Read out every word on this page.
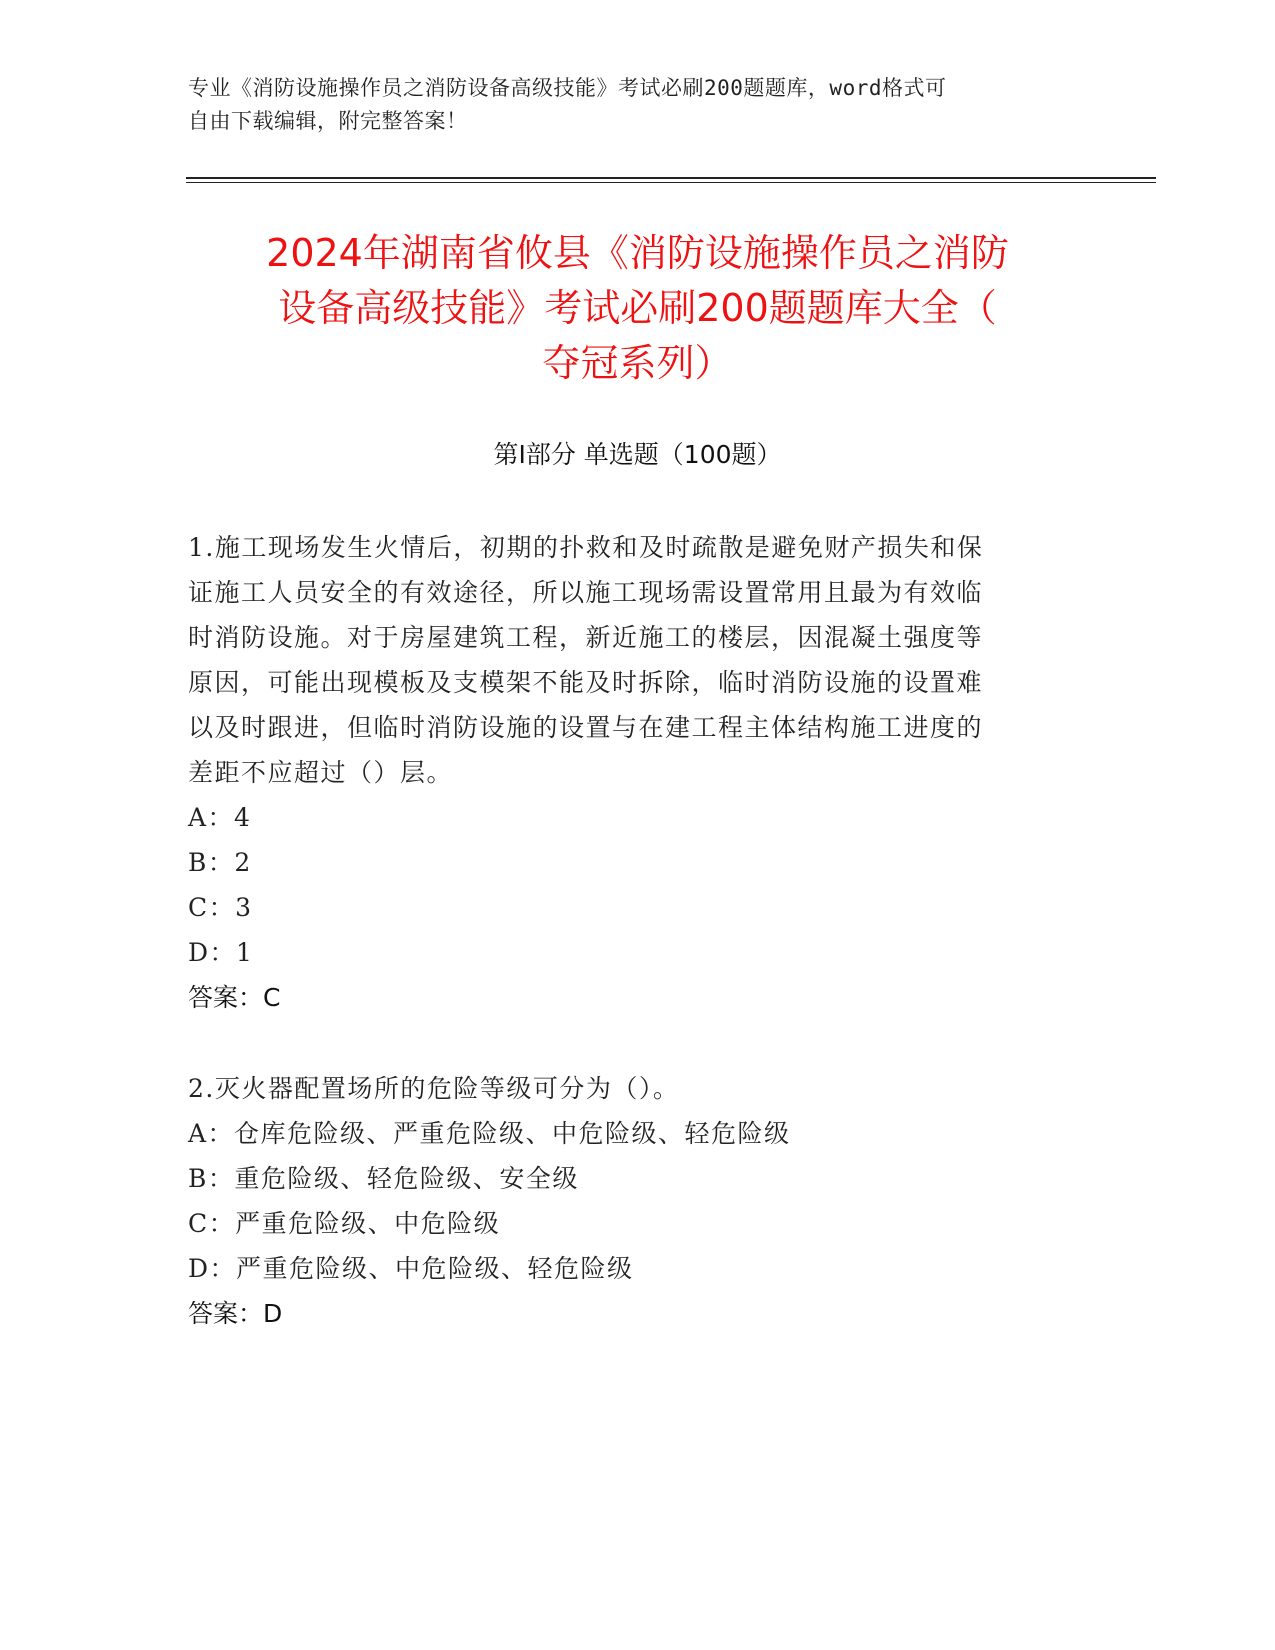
专业《消防设施操作员之消防设备高级技能》考试必刷200题题库，word格式可
自由下载编辑，附完整答案！
2024年湖南省攸县《消防设施操作员之消防
设备高级技能》考试必刷200题题库大全（
夺冠系列）
第Ⅰ部分 单选题（100题）

1.施工现场发生火情后，初期的扑救和及时疏散是避免财产损失和保
证施工人员安全的有效途径，所以施工现场需设置常用且最为有效临
时消防设施。对于房屋建筑工程，新近施工的楼层，因混凝土强度等
原因，可能出现模板及支模架不能及时拆除，临时消防设施的设置难
以及时跟进，但临时消防设施的设置与在建工程主体结构施工进度的
差距不应超过（）层。

A：4

B：2

C：3

D：1

答案：C

2.灭火器配置场所的危险等级可分为（）。

A：仓库危险级、严重危险级、中危险级、轻危险级

B：重危险级、轻危险级、安全级

C：严重危险级、中危险级

D：严重危险级、中危险级、轻危险级

答案：D
